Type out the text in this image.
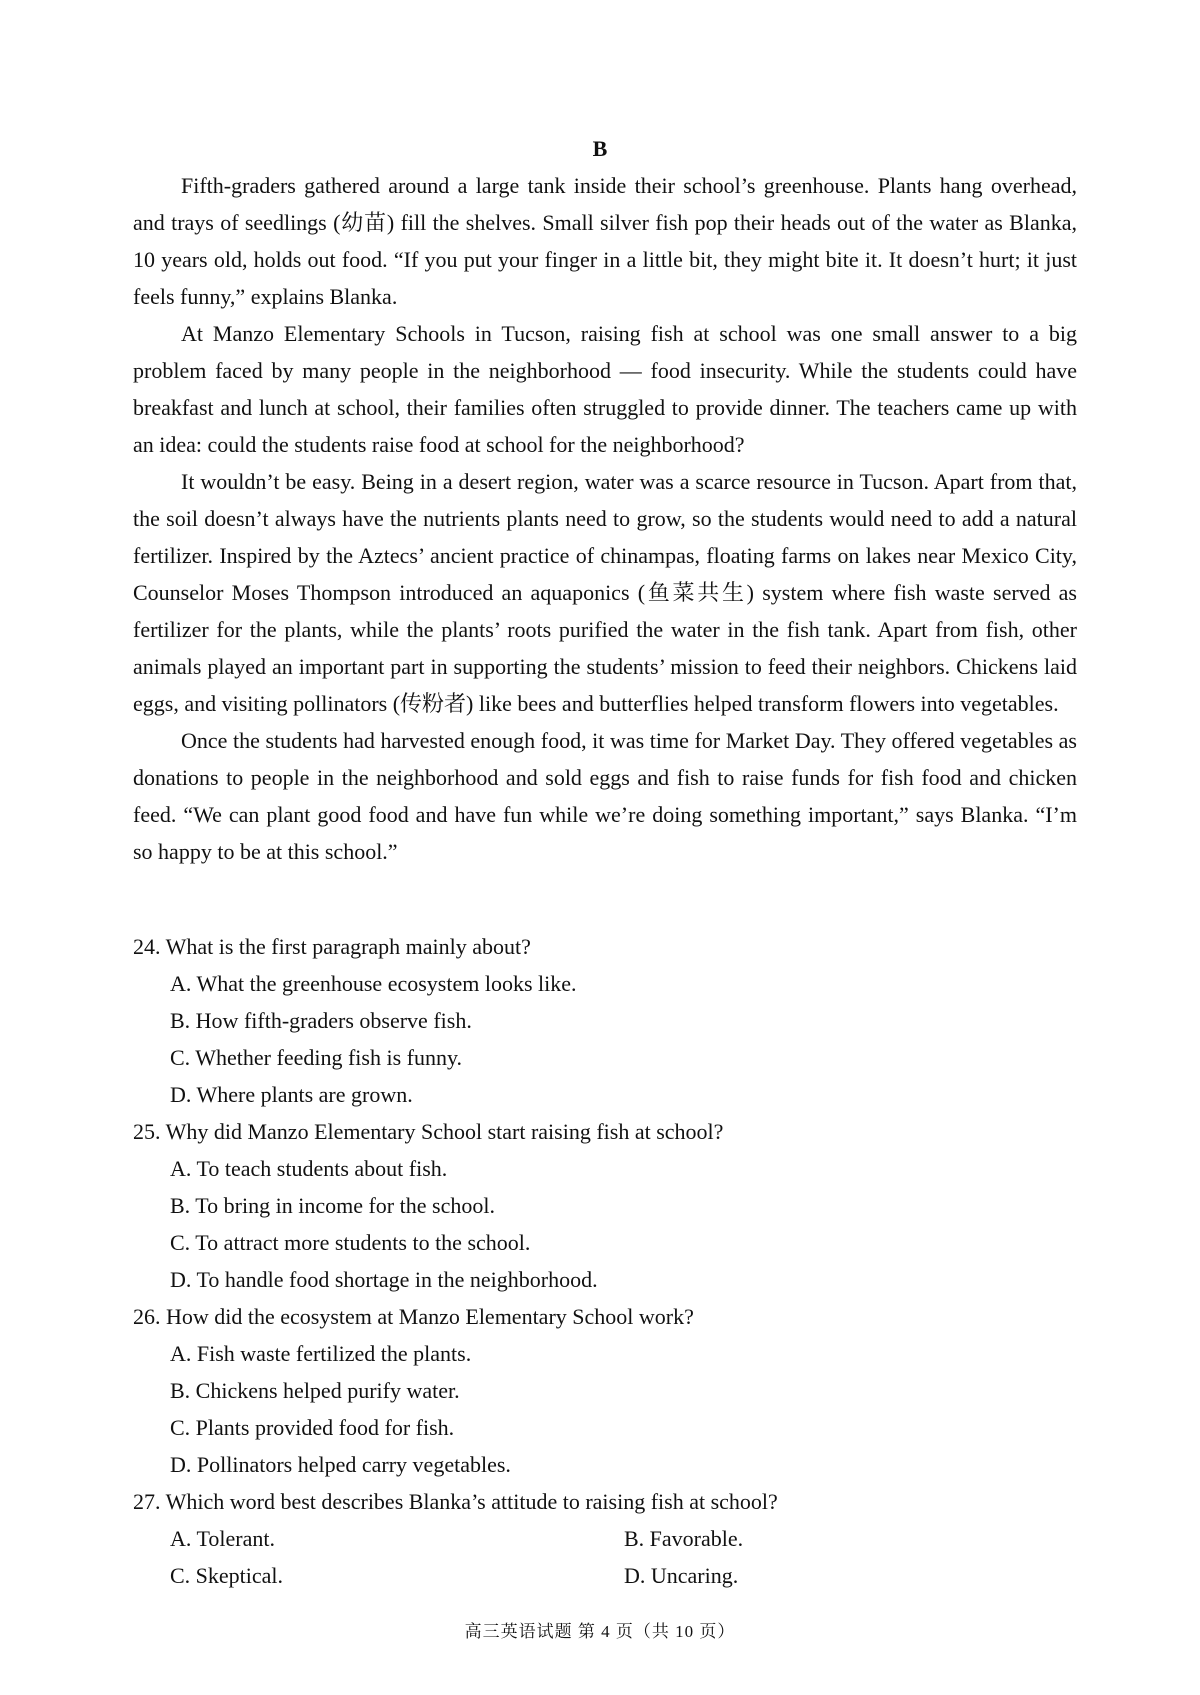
B

Fifth-graders gathered around a large tank inside their school’s greenhouse. Plants hang overhead, and trays of seedlings (幼苗) fill the shelves. Small silver fish pop their heads out of the water as Blanka, 10 years old, holds out food. “If you put your finger in a little bit, they might bite it. It doesn’t hurt; it just feels funny,” explains Blanka.

At Manzo Elementary Schools in Tucson, raising fish at school was one small answer to a big problem faced by many people in the neighborhood — food insecurity. While the students could have breakfast and lunch at school, their families often struggled to provide dinner. The teachers came up with an idea: could the students raise food at school for the neighborhood?

It wouldn’t be easy. Being in a desert region, water was a scarce resource in Tucson. Apart from that, the soil doesn’t always have the nutrients plants need to grow, so the students would need to add a natural fertilizer. Inspired by the Aztecs’ ancient practice of chinampas, floating farms on lakes near Mexico City, Counselor Moses Thompson introduced an aquaponics (鱼菜共生) system where fish waste served as fertilizer for the plants, while the plants’ roots purified the water in the fish tank. Apart from fish, other animals played an important part in supporting the students’ mission to feed their neighbors. Chickens laid eggs, and visiting pollinators (传粉者) like bees and butterflies helped transform flowers into vegetables.

Once the students had harvested enough food, it was time for Market Day. They offered vegetables as donations to people in the neighborhood and sold eggs and fish to raise funds for fish food and chicken feed. “We can plant good food and have fun while we’re doing something important,” says Blanka. “I’m so happy to be at this school.”

24. What is the first paragraph mainly about?
A. What the greenhouse ecosystem looks like.
B. How fifth-graders observe fish.
C. Whether feeding fish is funny.
D. Where plants are grown.
25. Why did Manzo Elementary School start raising fish at school?
A. To teach students about fish.
B. To bring in income for the school.
C. To attract more students to the school.
D. To handle food shortage in the neighborhood.
26. How did the ecosystem at Manzo Elementary School work?
A. Fish waste fertilized the plants.
B. Chickens helped purify water.
C. Plants provided food for fish.
D. Pollinators helped carry vegetables.
27. Which word best describes Blanka’s attitude to raising fish at school?
A. Tolerant.	B. Favorable.
C. Skeptical.	D. Uncaring.
高三英语试题 第 4 页（共 10 页）
